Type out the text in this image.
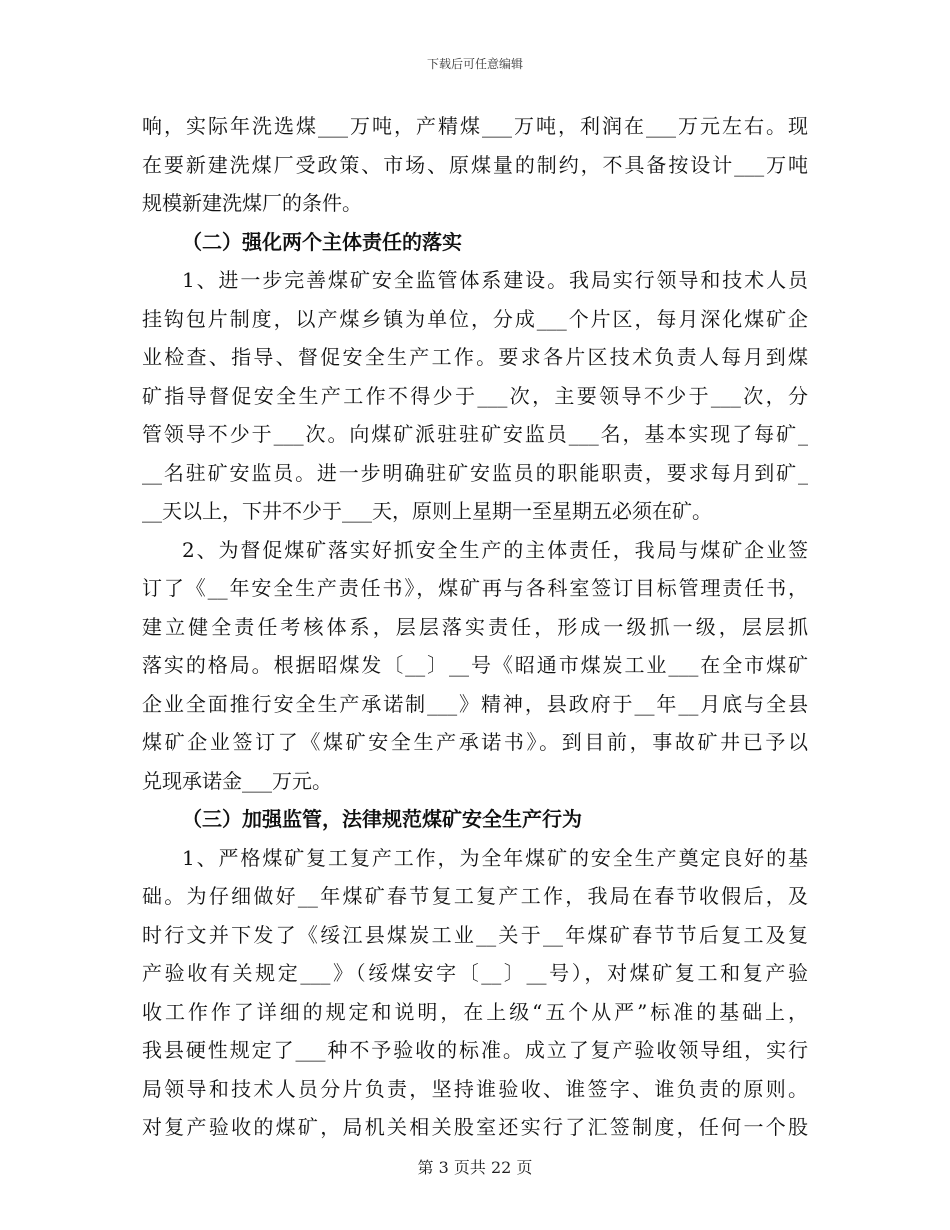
下载后可任意编辑
响，实际年洗选煤___万吨，产精煤___万吨，利润在___万元左右。现
在要新建洗煤厂受政策、市场、原煤量的制约，不具备按设计___万吨
规模新建洗煤厂的条件。
（二）强化两个主体责任的落实
1、进一步完善煤矿安全监管体系建设。我局实行领导和技术人员
挂钩包片制度，以产煤乡镇为单位，分成___个片区，每月深化煤矿企
业检查、指导、督促安全生产工作。要求各片区技术负责人每月到煤
矿指导督促安全生产工作不得少于___次，主要领导不少于___次，分
管领导不少于___次。向煤矿派驻驻矿安监员___名，基本实现了每矿_
__名驻矿安监员。进一步明确驻矿安监员的职能职责，要求每月到矿_
__天以上，下井不少于___天，原则上星期一至星期五必须在矿。
2、为督促煤矿落实好抓安全生产的主体责任，我局与煤矿企业签
订了《__年安全生产责任书》，煤矿再与各科室签订目标管理责任书，
建立健全责任考核体系，层层落实责任，形成一级抓一级，层层抓
落实的格局。根据昭煤发〔__〕__号《昭通市煤炭工业___在全市煤矿
企业全面推行安全生产承诺制___》精神，县政府于__年__月底与全县
煤矿企业签订了《煤矿安全生产承诺书》。到目前，事故矿井已予以
兑现承诺金___万元。
（三）加强监管，法律规范煤矿安全生产行为
1、严格煤矿复工复产工作，为全年煤矿的安全生产奠定良好的基
础。为仔细做好__年煤矿春节复工复产工作，我局在春节收假后，及
时行文并下发了《绥江县煤炭工业__关于__年煤矿春节节后复工及复
产验收有关规定___》（绥煤安字〔__〕__号），对煤矿复工和复产验
收工作作了详细的规定和说明，在上级“五个从严”标准的基础上，
我县硬性规定了___种不予验收的标准。成立了复产验收领导组，实行
局领导和技术人员分片负责，坚持谁验收、谁签字、谁负责的原则。
对复产验收的煤矿，局机关相关股室还实行了汇签制度，任何一个股
第 3 页共 22 页
